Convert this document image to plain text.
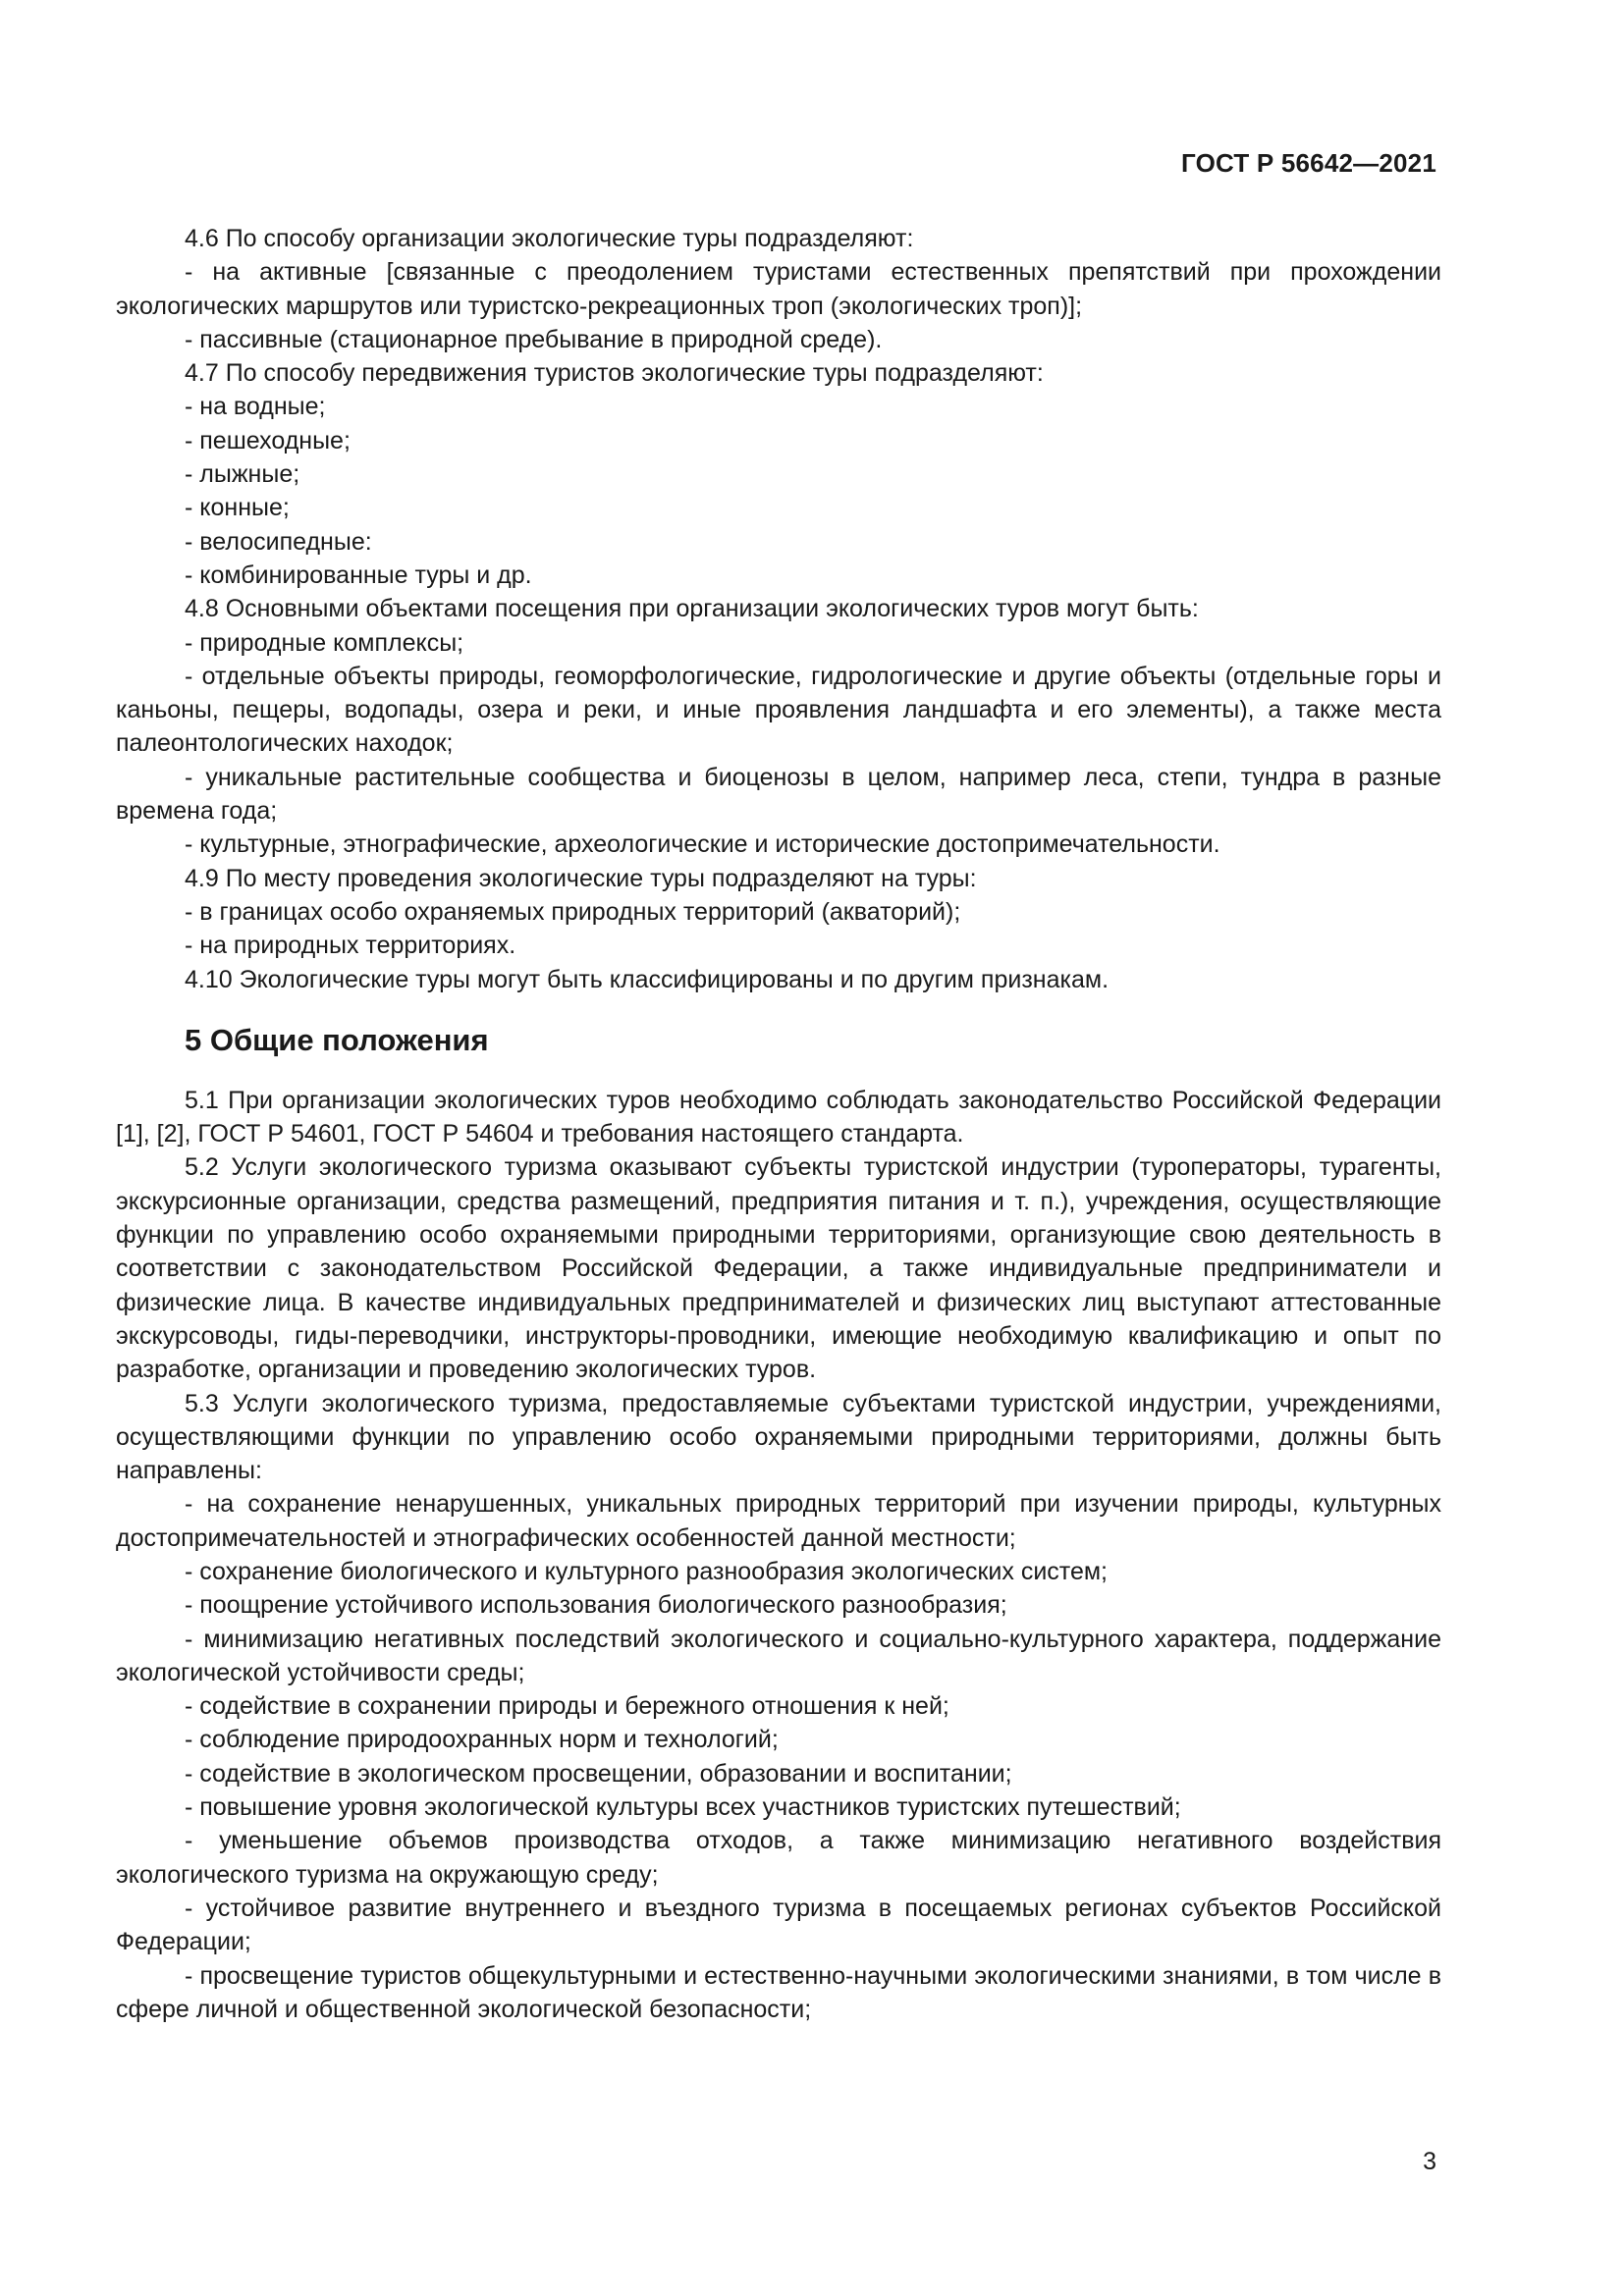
ГОСТ Р 56642—2021

4.6 По способу организации экологические туры подразделяют:

- на активные [связанные с преодолением туристами естественных препятствий при прохождении экологических маршрутов или туристско-рекреационных троп (экологических троп)];

- пассивные (стационарное пребывание в природной среде).

4.7 По способу передвижения туристов экологические туры подразделяют:

- на водные;

- пешеходные;

- лыжные;

- конные;

- велосипедные:

- комбинированные туры и др.

4.8 Основными объектами посещения при организации экологических туров могут быть:

- природные комплексы;

- отдельные объекты природы, геоморфологические, гидрологические и другие объекты (отдельные горы и каньоны, пещеры, водопады, озера и реки, и иные проявления ландшафта и его элементы), а также места палеонтологических находок;

- уникальные растительные сообщества и биоценозы в целом, например леса, степи, тундра в разные времена года;

- культурные, этнографические, археологические и исторические достопримечательности.

4.9 По месту проведения экологические туры подразделяют на туры:

- в границах особо охраняемых природных территорий (акваторий);

- на природных территориях.

4.10 Экологические туры могут быть классифицированы и по другим признакам.

5 Общие положения

5.1 При организации экологических туров необходимо соблюдать законодательство Российской Федерации [1], [2], ГОСТ Р 54601, ГОСТ Р 54604 и требования настоящего стандарта.

5.2 Услуги экологического туризма оказывают субъекты туристской индустрии (туроператоры, турагенты, экскурсионные организации, средства размещений, предприятия питания и т. п.), учреждения, осуществляющие функции по управлению особо охраняемыми природными территориями, организующие свою деятельность в соответствии с законодательством Российской Федерации, а также индивидуальные предприниматели и физические лица. В качестве индивидуальных предпринимателей и физических лиц выступают аттестованные экскурсоводы, гиды-переводчики, инструкторы-проводники, имеющие необходимую квалификацию и опыт по разработке, организации и проведению экологических туров.

5.3 Услуги экологического туризма, предоставляемые субъектами туристской индустрии, учреждениями, осуществляющими функции по управлению особо охраняемыми природными территориями, должны быть направлены:

- на сохранение ненарушенных, уникальных природных территорий при изучении природы, культурных достопримечательностей и этнографических особенностей данной местности;

- сохранение биологического и культурного разнообразия экологических систем;

- поощрение устойчивого использования биологического разнообразия;

- минимизацию негативных последствий экологического и социально-культурного характера, поддержание экологической устойчивости среды;

- содействие в сохранении природы и бережного отношения к ней;

- соблюдение природоохранных норм и технологий;

- содействие в экологическом просвещении, образовании и воспитании;

- повышение уровня экологической культуры всех участников туристских путешествий;

- уменьшение объемов производства отходов, а также минимизацию негативного воздействия экологического туризма на окружающую среду;

- устойчивое развитие внутреннего и въездного туризма в посещаемых регионах субъектов Российской Федерации;

- просвещение туристов общекультурными и естественно-научными экологическими знаниями, в том числе в сфере личной и общественной экологической безопасности;

3
